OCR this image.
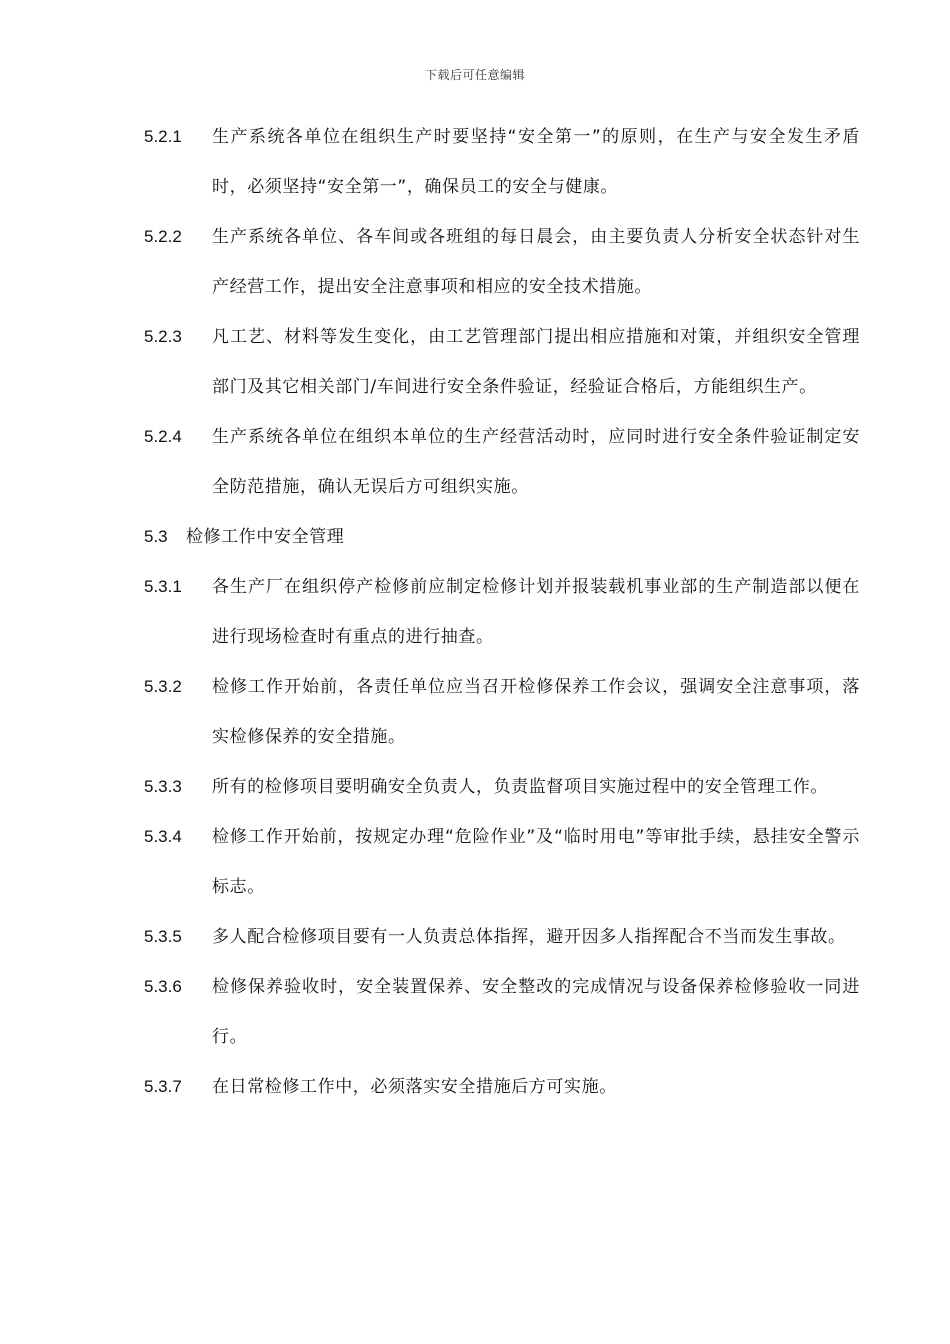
下载后可任意编辑
5.2.1 生产系统各单位在组织生产时要坚持“安全第一”的原则，在生产与安全发生矛盾时，必须坚持“安全第一”，确保员工的安全与健康。
5.2.2 生产系统各单位、各车间或各班组的每日晨会，由主要负责人分析安全状态针对生产经营工作，提出安全注意事项和相应的安全技术措施。
5.2.3 凡工艺、材料等发生变化，由工艺管理部门提出相应措施和对策，并组织安全管理部门及其它相关部门/车间进行安全条件验证，经验证合格后，方能组织生产。
5.2.4 生产系统各单位在组织本单位的生产经营活动时，应同时进行安全条件验证制定安全防范措施，确认无误后方可组织实施。
5.3 检修工作中安全管理
5.3.1 各生产厂在组织停产检修前应制定检修计划并报装载机事业部的生产制造部以便在进行现场检查时有重点的进行抽查。
5.3.2 检修工作开始前，各责任单位应当召开检修保养工作会议，强调安全注意事项，落实检修保养的安全措施。
5.3.3 所有的检修项目要明确安全负责人，负责监督项目实施过程中的安全管理工作。
5.3.4 检修工作开始前，按规定办理“危险作业”及“临时用电”等审批手续，悬挂安全警示标志。
5.3.5 多人配合检修项目要有一人负责总体指挥，避开因多人指挥配合不当而发生事故。
5.3.6 检修保养验收时，安全装置保养、安全整改的完成情况与设备保养检修验收一同进行。
5.3.7 在日常检修工作中，必须落实安全措施后方可实施。
